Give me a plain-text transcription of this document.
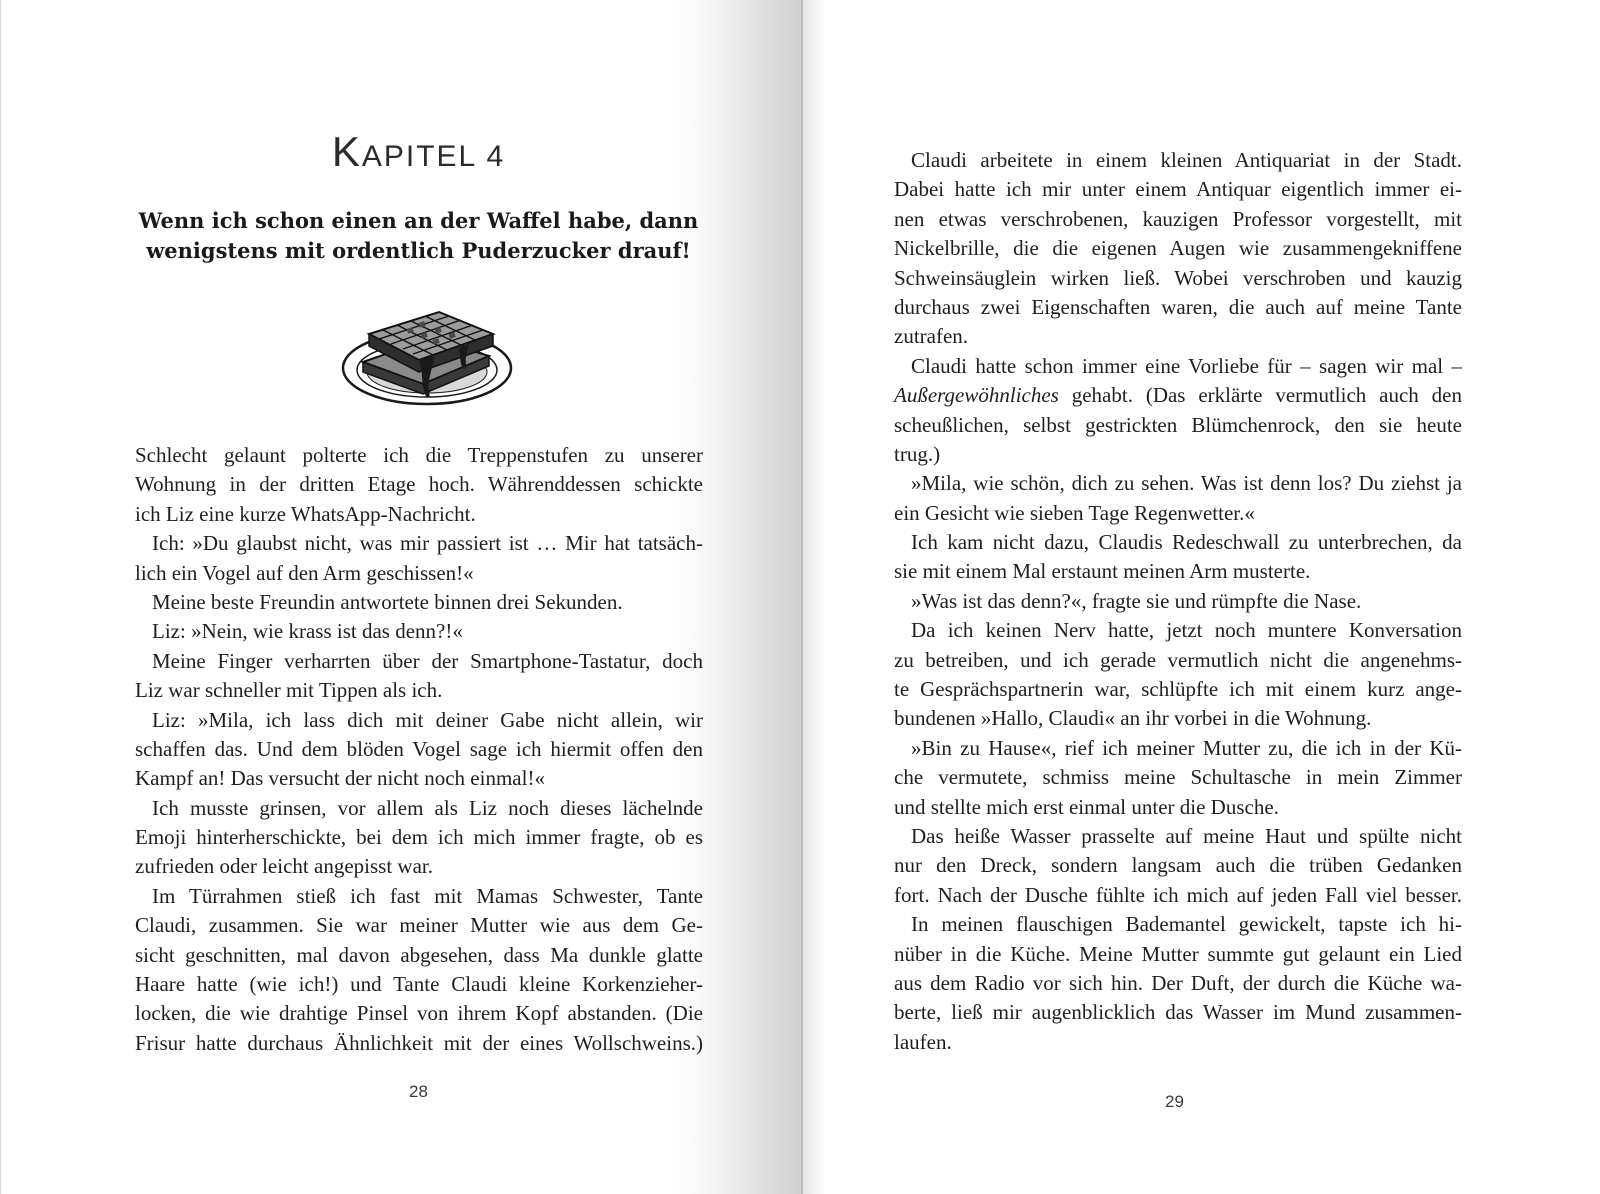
KAPITEL 4
Wenn ich schon einen an der Waffel habe, dann
wenigstens mit ordentlich Puderzucker drauf!
Schlecht gelaunt polterte ich die Treppenstufen zu unserer
Wohnung in der dritten Etage hoch. Währenddessen schickte
ich Liz eine kurze WhatsApp-Nachricht.
Ich: »Du glaubst nicht, was mir passiert ist … Mir hat tatsäch-
lich ein Vogel auf den Arm geschissen!«
Meine beste Freundin antwortete binnen drei Sekunden.
Liz: »Nein, wie krass ist das denn?!«
Meine Finger verharrten über der Smartphone-Tastatur, doch
Liz war schneller mit Tippen als ich.
Liz: »Mila, ich lass dich mit deiner Gabe nicht allein, wir
schaffen das. Und dem blöden Vogel sage ich hiermit offen den
Kampf an! Das versucht der nicht noch einmal!«
Ich musste grinsen, vor allem als Liz noch dieses lächelnde
Emoji hinterherschickte, bei dem ich mich immer fragte, ob es
zufrieden oder leicht angepisst war.
Im Türrahmen stieß ich fast mit Mamas Schwester, Tante
Claudi, zusammen. Sie war meiner Mutter wie aus dem Ge-
sicht geschnitten, mal davon abgesehen, dass Ma dunkle glatte
Haare hatte (wie ich!) und Tante Claudi kleine Korkenzieher-
locken, die wie drahtige Pinsel von ihrem Kopf abstanden. (Die
Frisur hatte durchaus Ähnlichkeit mit der eines Wollschweins.)
28
Claudi arbeitete in einem kleinen Antiquariat in der Stadt.
Dabei hatte ich mir unter einem Antiquar eigentlich immer ei-
nen etwas verschrobenen, kauzigen Professor vorgestellt, mit
Nickelbrille, die die eigenen Augen wie zusammengekniffene
Schweinsäuglein wirken ließ. Wobei verschroben und kauzig
durchaus zwei Eigenschaften waren, die auch auf meine Tante
zutrafen.
Claudi hatte schon immer eine Vorliebe für – sagen wir mal –
Außergewöhnliches gehabt. (Das erklärte vermutlich auch den
scheußlichen, selbst gestrickten Blümchenrock, den sie heute
trug.)
»Mila, wie schön, dich zu sehen. Was ist denn los? Du ziehst ja
ein Gesicht wie sieben Tage Regenwetter.«
Ich kam nicht dazu, Claudis Redeschwall zu unterbrechen, da
sie mit einem Mal erstaunt meinen Arm musterte.
»Was ist das denn?«, fragte sie und rümpfte die Nase.
Da ich keinen Nerv hatte, jetzt noch muntere Konversation
zu betreiben, und ich gerade vermutlich nicht die angenehms-
te Gesprächspartnerin war, schlüpfte ich mit einem kurz ange-
bundenen »Hallo, Claudi« an ihr vorbei in die Wohnung.
»Bin zu Hause«, rief ich meiner Mutter zu, die ich in der Kü-
che vermutete, schmiss meine Schultasche in mein Zimmer
und stellte mich erst einmal unter die Dusche.
Das heiße Wasser prasselte auf meine Haut und spülte nicht
nur den Dreck, sondern langsam auch die trüben Gedanken
fort. Nach der Dusche fühlte ich mich auf jeden Fall viel besser.
In meinen flauschigen Bademantel gewickelt, tapste ich hi-
nüber in die Küche. Meine Mutter summte gut gelaunt ein Lied
aus dem Radio vor sich hin. Der Duft, der durch die Küche wa-
berte, ließ mir augenblicklich das Wasser im Mund zusammen-
laufen.
29
